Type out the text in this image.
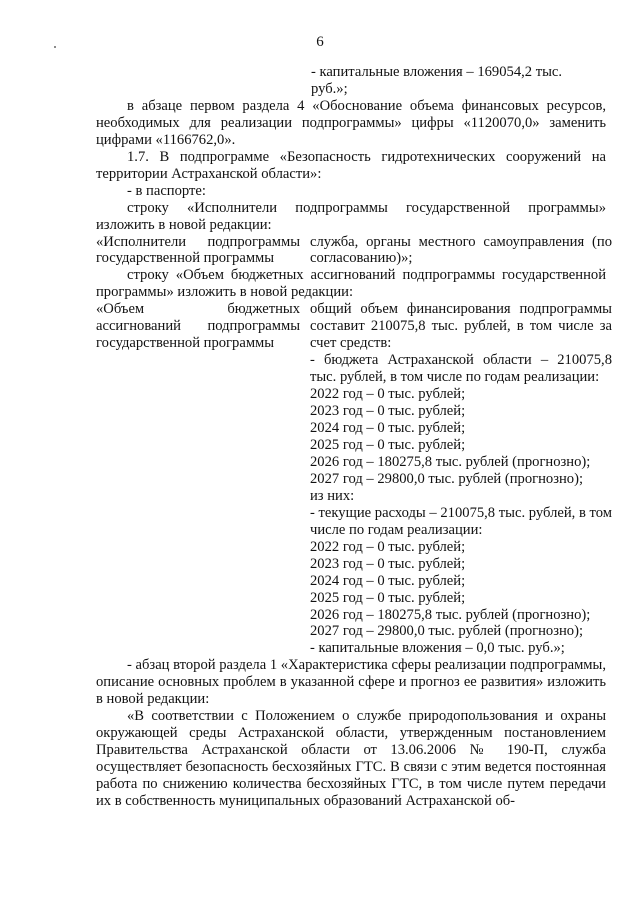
6
- капитальные вложения – 169054,2 тыс.
руб.»;
в абзаце первом раздела 4 «Обоснование объема финансовых ресурсов, необходимых для реализации подпрограммы» цифры «1120070,0» заменить цифрами «1166762,0».
1.7. В подпрограмме «Безопасность гидротехнических сооружений на территории Астраханской области»:
- в паспорте:
строку «Исполнители подпрограммы государственной программы» изложить в новой редакции:
«Исполнители подпрограммы государственной программы
служба, органы местного самоуправления (по согласованию)»;
строку «Объем бюджетных ассигнований подпрограммы государственной программы» изложить в новой редакции:
«Объем бюджетных ассигнований подпрограммы государственной программы
общий объем финансирования подпрограммы составит 210075,8 тыс. рублей, в том числе за счет средств:
- бюджета Астраханской области – 210075,8 тыс. рублей, в том числе по годам реализации:
2022 год – 0 тыс. рублей;
2023 год – 0 тыс. рублей;
2024 год – 0 тыс. рублей;
2025 год – 0 тыс. рублей;
2026 год – 180275,8 тыс. рублей (прогнозно);
2027 год – 29800,0 тыс. рублей (прогнозно);
из них:
- текущие расходы – 210075,8 тыс. рублей, в том числе по годам реализации:
2022 год – 0 тыс. рублей;
2023 год – 0 тыс. рублей;
2024 год – 0 тыс. рублей;
2025 год – 0 тыс. рублей;
2026 год – 180275,8 тыс. рублей (прогнозно);
2027 год – 29800,0 тыс. рублей (прогнозно);
- капитальные вложения – 0,0 тыс. руб.»;
- абзац второй раздела 1 «Характеристика сферы реализации подпрограммы, описание основных проблем в указанной сфере и прогноз ее развития» изложить в новой редакции:
«В соответствии с Положением о службе природопользования и охраны окружающей среды Астраханской области, утвержденным постановлением Правительства Астраханской области от 13.06.2006 № 190-П, служба осуществляет безопасность бесхозяйных ГТС. В связи с этим ведется постоянная работа по снижению количества бесхозяйных ГТС, в том числе путем передачи их в собственность муниципальных образований Астраханской об-
